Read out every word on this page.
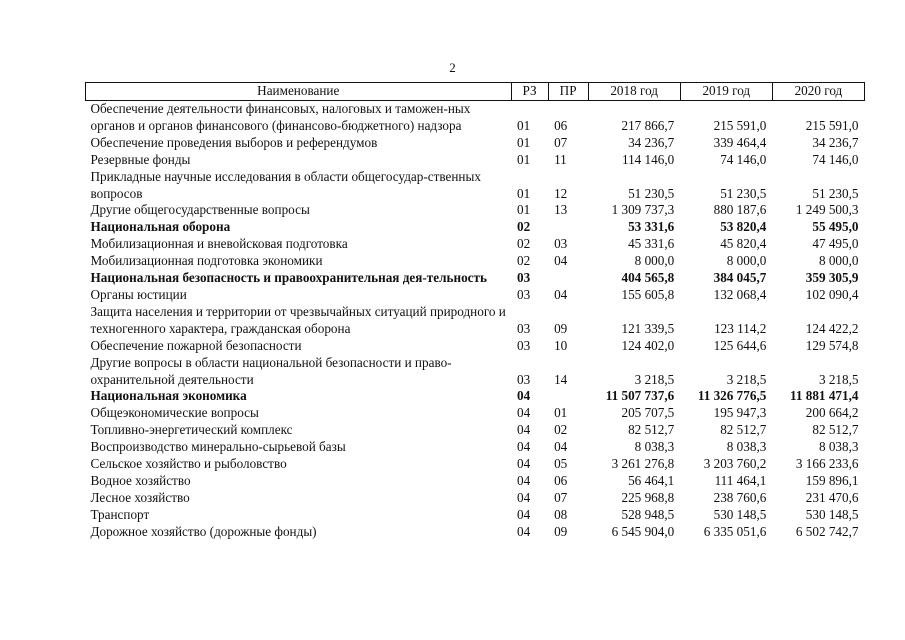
2
Наименование	РЗ	ПР	2018 год	2019 год	2020 год
Обеспечение деятельности финансовых, налоговых и таможен-ных органов и органов финансового (финансово-бюджетного) надзора	01	06	217 866,7	215 591,0	215 591,0
Обеспечение проведения выборов и референдумов	01	07	34 236,7	339 464,4	34 236,7
Резервные фонды	01	11	114 146,0	74 146,0	74 146,0
Прикладные научные исследования в области общегосудар-ственных вопросов	01	12	51 230,5	51 230,5	51 230,5
Другие общегосударственные вопросы	01	13	1 309 737,3	880 187,6	1 249 500,3
Национальная оборона	02		53 331,6	53 820,4	55 495,0
Мобилизационная и вневойсковая подготовка	02	03	45 331,6	45 820,4	47 495,0
Мобилизационная подготовка экономики	02	04	8 000,0	8 000,0	8 000,0
Национальная безопасность и правоохранительная дея-тельность	03		404 565,8	384 045,7	359 305,9
Органы юстиции	03	04	155 605,8	132 068,4	102 090,4
Защита населения и территории от чрезвычайных ситуаций природного и техногенного характера, гражданская оборона	03	09	121 339,5	123 114,2	124 422,2
Обеспечение пожарной безопасности	03	10	124 402,0	125 644,6	129 574,8
Другие вопросы в области национальной безопасности и право-охранительной деятельности	03	14	3 218,5	3 218,5	3 218,5
Национальная экономика	04		11 507 737,6	11 326 776,5	11 881 471,4
Общеэкономические вопросы	04	01	205 707,5	195 947,3	200 664,2
Топливно-энергетический комплекс	04	02	82 512,7	82 512,7	82 512,7
Воспроизводство минерально-сырьевой базы	04	04	8 038,3	8 038,3	8 038,3
Сельское хозяйство и рыболовство	04	05	3 261 276,8	3 203 760,2	3 166 233,6
Водное хозяйство	04	06	56 464,1	111 464,1	159 896,1
Лесное хозяйство	04	07	225 968,8	238 760,6	231 470,6
Транспорт	04	08	528 948,5	530 148,5	530 148,5
Дорожное хозяйство (дорожные фонды)	04	09	6 545 904,0	6 335 051,6	6 502 742,7
